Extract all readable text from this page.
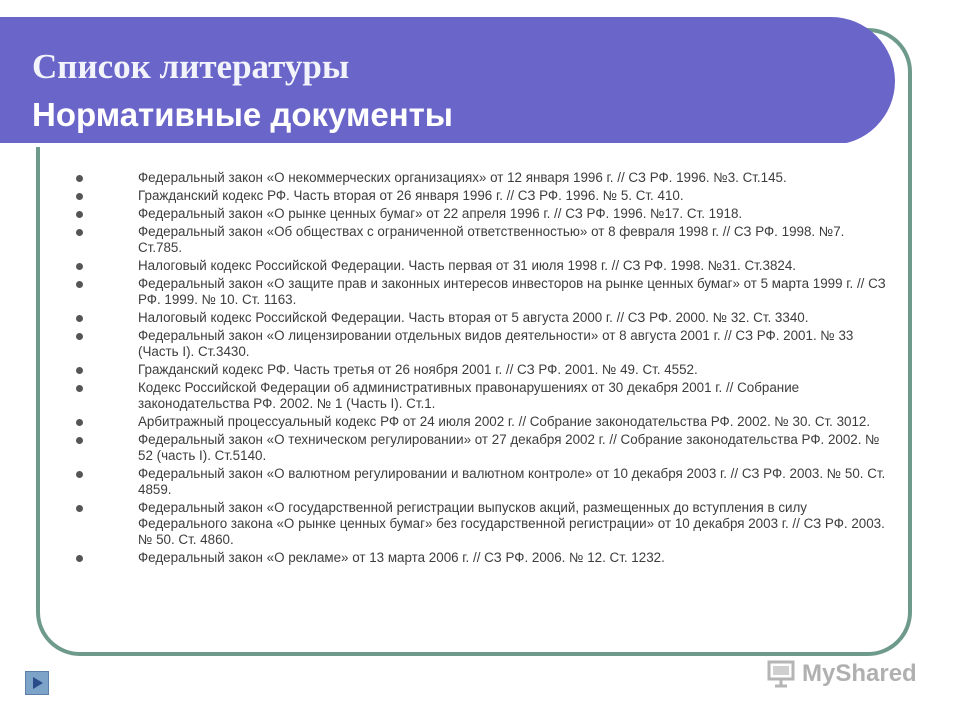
Список литературы
Нормативные документы
Федеральный закон «О некоммерческих организациях» от 12 января 1996 г. // СЗ РФ. 1996. №3. Ст.145.
Гражданский кодекс РФ. Часть вторая от 26 января 1996 г. // СЗ РФ. 1996. № 5. Ст. 410.
Федеральный закон «О рынке ценных бумаг» от 22 апреля 1996 г. // СЗ РФ. 1996. №17. Ст. 1918.
Федеральный закон «Об обществах с ограниченной ответственностью» от 8 февраля 1998 г. // СЗ РФ. 1998. №7. Ст.785.
Налоговый кодекс Российской Федерации. Часть первая от 31 июля 1998 г. // СЗ РФ. 1998. №31. Ст.3824.
Федеральный закон «О защите прав и законных интересов инвесторов на рынке ценных бумаг» от 5 марта 1999 г. // СЗ РФ. 1999. № 10. Ст. 1163.
Налоговый кодекс Российской Федерации. Часть вторая от 5 августа 2000 г. // СЗ РФ. 2000. № 32. Ст. 3340.
Федеральный закон «О лицензировании отдельных видов деятельности» от 8 августа 2001 г. // СЗ РФ. 2001. № 33 (Часть I). Ст.3430.
Гражданский кодекс РФ. Часть третья от 26 ноября 2001 г. // СЗ РФ. 2001. № 49. Ст. 4552.
Кодекс Российской Федерации об административных правонарушениях от 30 декабря 2001 г. // Собрание законодательства РФ. 2002. № 1 (Часть I). Ст.1.
Арбитражный процессуальный кодекс РФ от 24 июля 2002 г. // Собрание законодательства РФ. 2002. № 30. Ст. 3012.
Федеральный закон «О техническом регулировании» от 27 декабря 2002 г. // Собрание законодательства РФ. 2002. № 52 (часть I). Ст.5140.
Федеральный закон «О валютном регулировании и валютном контроле» от 10 декабря 2003 г. // СЗ РФ. 2003. № 50. Ст. 4859.
Федеральный закон «О государственной регистрации выпусков акций, размещенных до вступления в силу Федерального закона «О рынке ценных бумаг» без государственной регистрации» от 10 декабря 2003 г. // СЗ РФ. 2003. № 50. Ст. 4860.
Федеральный закон «О рекламе» от 13 марта 2006 г. // СЗ РФ. 2006. № 12. Ст. 1232.
MyShared
